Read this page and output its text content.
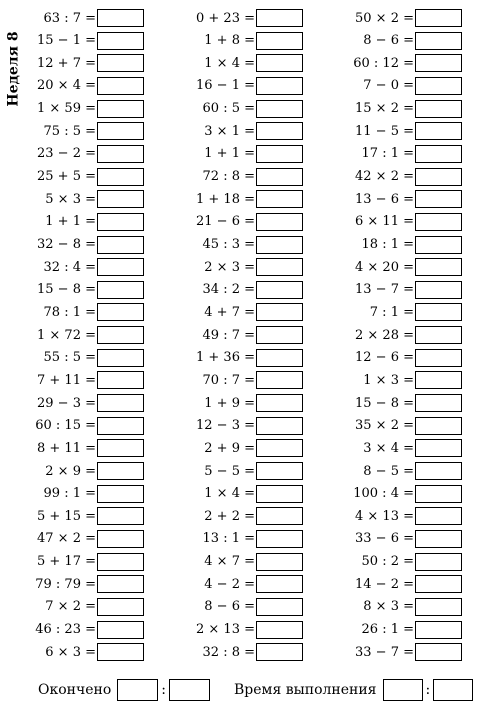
Неделя 8
63 : 7 =
15 − 1 =
12 + 7 =
20 × 4 =
1 × 59 =
75 : 5 =
23 − 2 =
25 + 5 =
5 × 3 =
1 + 1 =
32 − 8 =
32 : 4 =
15 − 8 =
78 : 1 =
1 × 72 =
55 : 5 =
7 + 11 =
29 − 3 =
60 : 15 =
8 + 11 =
2 × 9 =
99 : 1 =
5 + 15 =
47 × 2 =
5 + 17 =
79 : 79 =
7 × 2 =
46 : 23 =
6 × 3 =
0 + 23 =
1 + 8 =
1 × 4 =
16 − 1 =
60 : 5 =
3 × 1 =
1 + 1 =
72 : 8 =
1 + 18 =
21 − 6 =
45 : 3 =
2 × 3 =
34 : 2 =
4 + 7 =
49 : 7 =
1 + 36 =
70 : 7 =
1 + 9 =
12 − 3 =
2 + 9 =
5 − 5 =
1 × 4 =
2 + 2 =
13 : 1 =
4 × 7 =
4 − 2 =
8 − 6 =
2 × 13 =
32 : 8 =
50 × 2 =
8 − 6 =
60 : 12 =
7 − 0 =
15 × 2 =
11 − 5 =
17 : 1 =
42 × 2 =
13 − 6 =
6 × 11 =
18 : 1 =
4 × 20 =
13 − 7 =
7 : 1 =
2 × 28 =
12 − 6 =
1 × 3 =
15 − 8 =
35 × 2 =
3 × 4 =
8 − 5 =
100 : 4 =
4 × 13 =
33 − 6 =
50 : 2 =
14 − 2 =
8 × 3 =
26 : 1 =
33 − 7 =
Окончено	:	Время выполнения	:
